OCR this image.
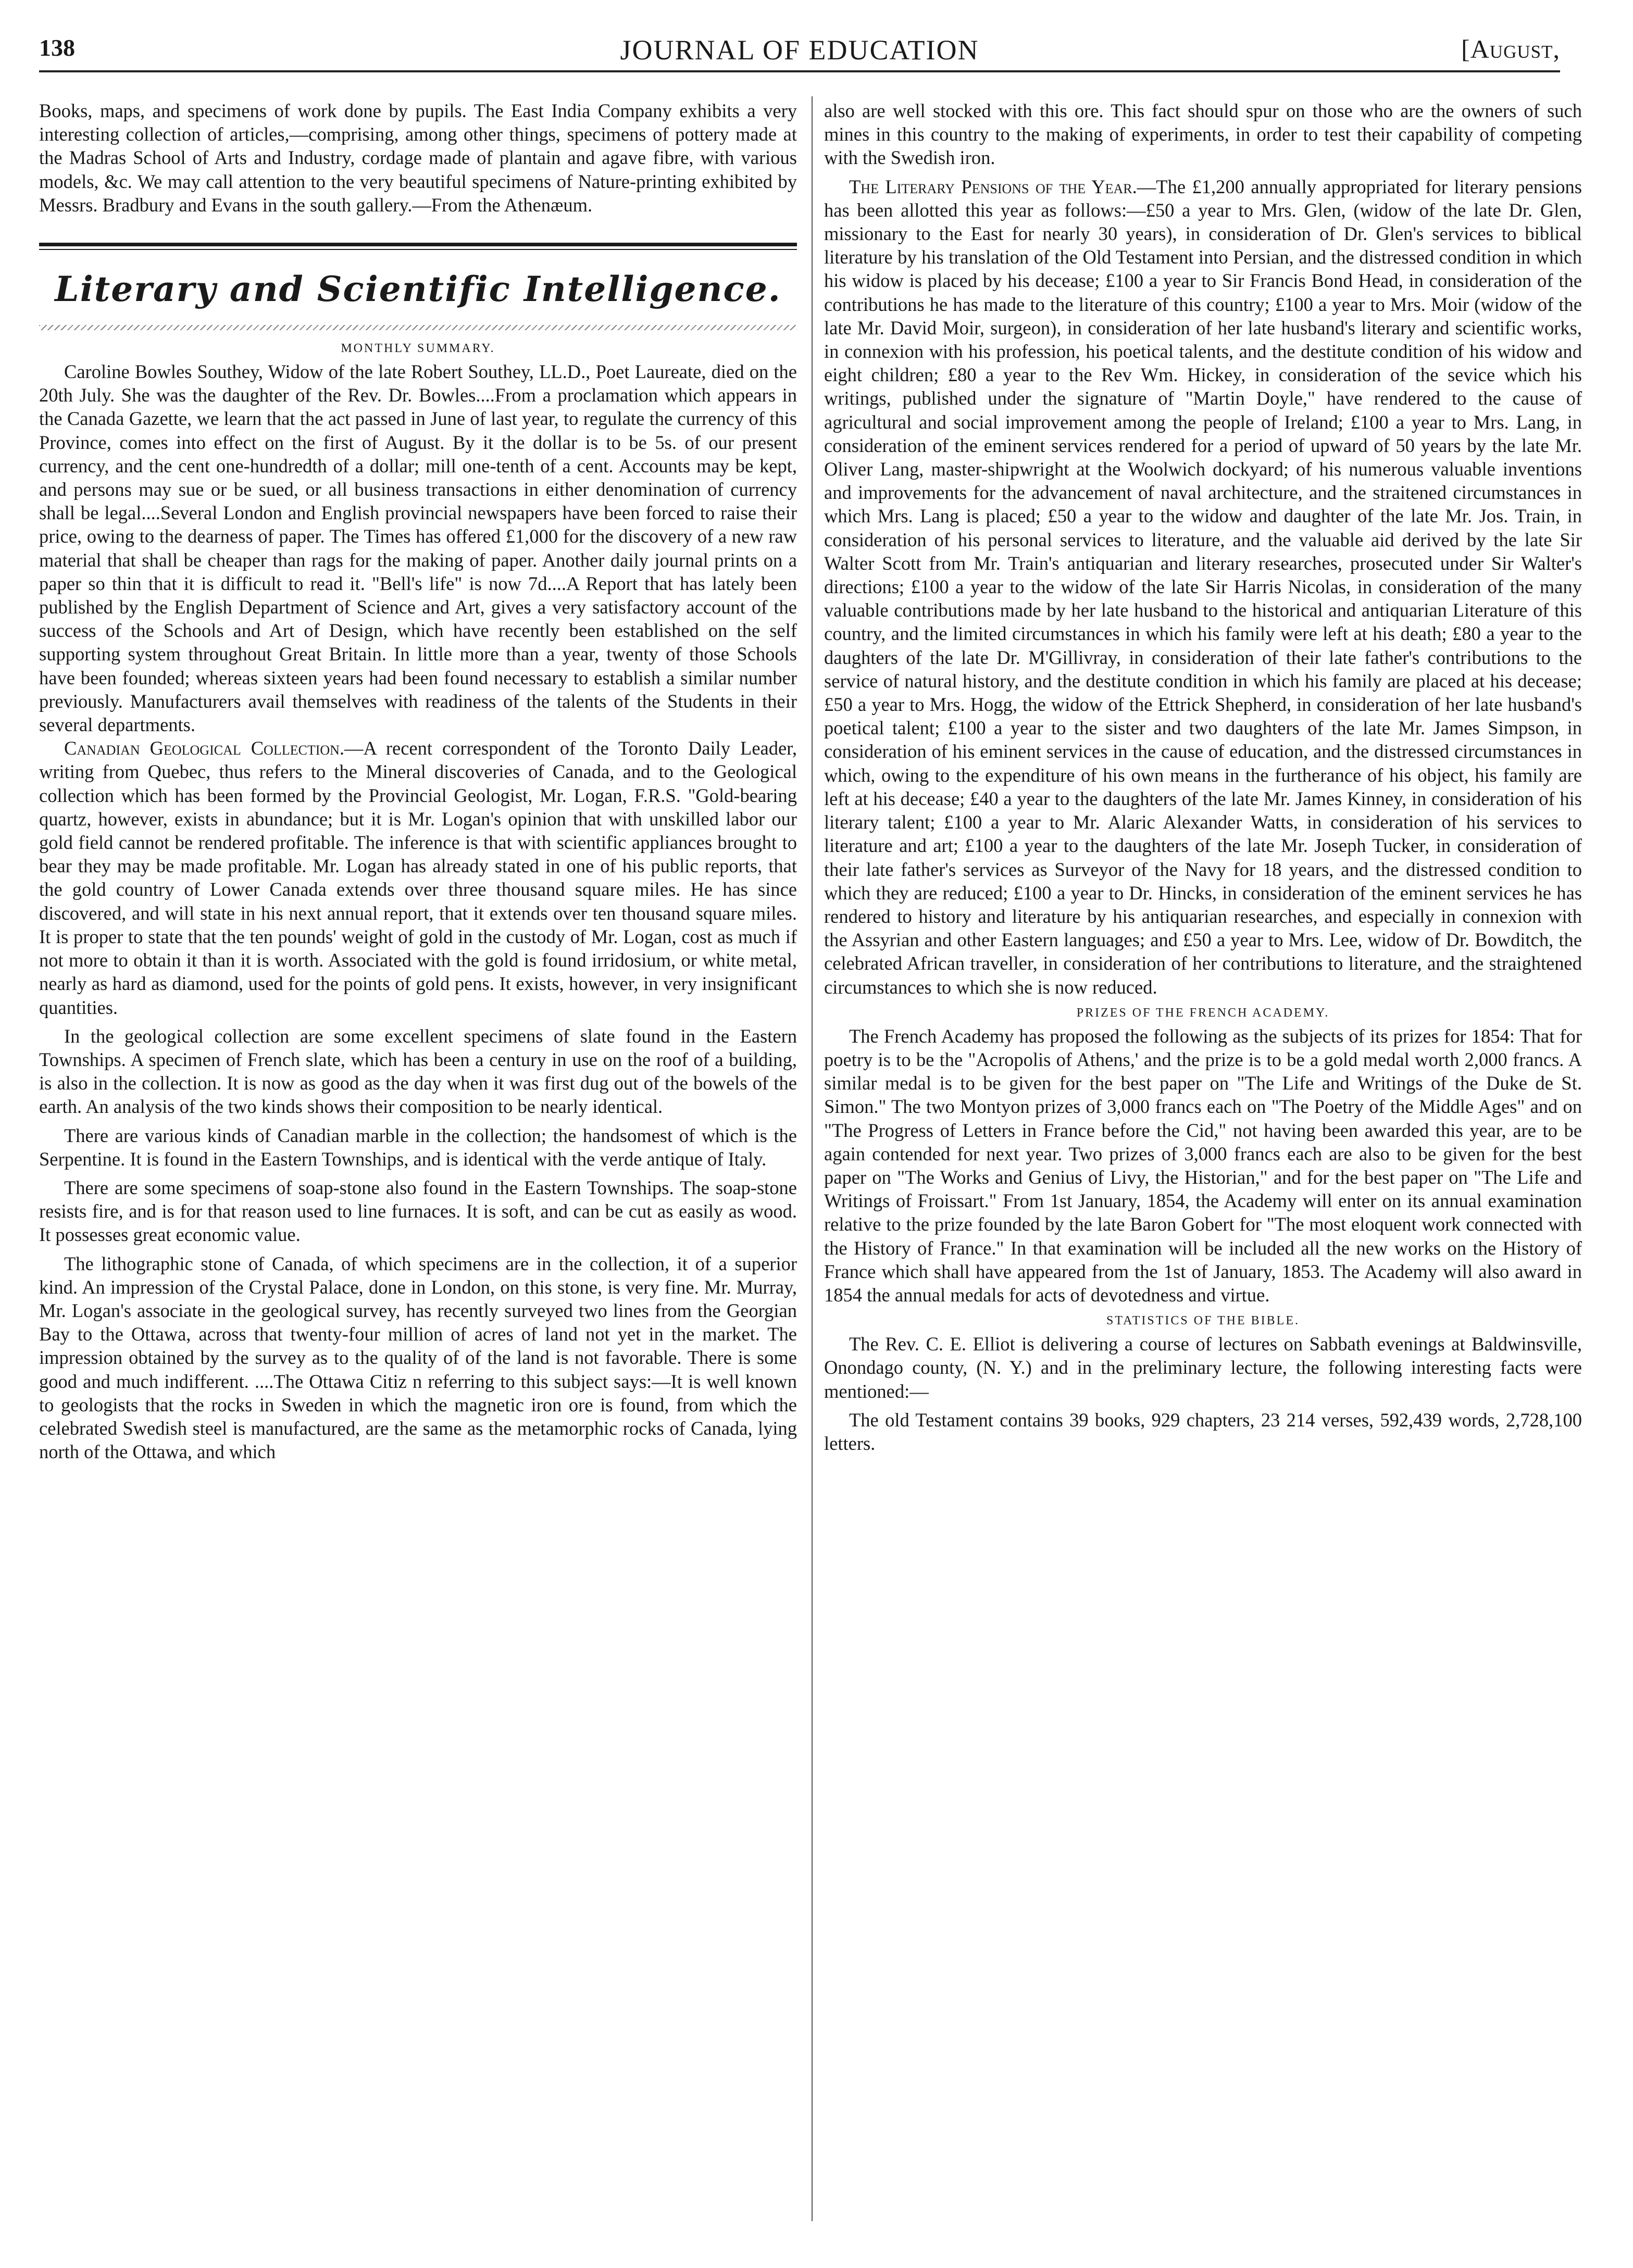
138	JOURNAL OF EDUCATION	[August,

Books, maps, and specimens of work done by pupils. The East India Company exhibits a very interesting collection of articles,—comprising, among other things, specimens of pottery made at the Madras School of Arts and Industry, cordage made of plantain and agave fibre, with various models, &c. We may call attention to the very beautiful specimens of Nature-printing exhibited by Messrs. Bradbury and Evans in the south gallery.—From the Athenæum.

Literary and Scientific Intelligence.
MONTHLY SUMMARY.

Caroline Bowles Southey, Widow of the late Robert Southey, LL.D., Poet Laureate, died on the 20th July. She was the daughter of the Rev. Dr. Bowles....From a proclamation which appears in the Canada Gazette, we learn that the act passed in June of last year, to regulate the currency of this Province, comes into effect on the first of August. By it the dollar is to be 5s. of our present currency, and the cent one-hundredth of a dollar; mill one-tenth of a cent. Accounts may be kept, and persons may sue or be sued, or all business transactions in either denomination of currency shall be legal....Several London and English provincial newspapers have been forced to raise their price, owing to the dearness of paper. The Times has offered £1,000 for the discovery of a new raw material that shall be cheaper than rags for the making of paper. Another daily journal prints on a paper so thin that it is difficult to read it. "Bell's life" is now 7d....A Report that has lately been published by the English Department of Science and Art, gives a very satisfactory account of the success of the Schools and Art of Design, which have recently been established on the self supporting system throughout Great Britain. In little more than a year, twenty of those Schools have been founded; whereas sixteen years had been found necessary to establish a similar number previously. Manufacturers avail themselves with readiness of the talents of the Students in their several departments.

Canadian Geological Collection.—A recent correspondent of the Toronto Daily Leader, writing from Quebec, thus refers to the Mineral discoveries of Canada, and to the Geological collection which has been formed by the Provincial Geologist, Mr. Logan, F.R.S. "Gold-bearing quartz, however, exists in abundance; but it is Mr. Logan's opinion that with unskilled labor our gold field cannot be rendered profitable. The inference is that with scientific appliances brought to bear they may be made profitable. Mr. Logan has already stated in one of his public reports, that the gold country of Lower Canada extends over three thousand square miles. He has since discovered, and will state in his next annual report, that it extends over ten thousand square miles. It is proper to state that the ten pounds' weight of gold in the custody of Mr. Logan, cost as much if not more to obtain it than it is worth. Associated with the gold is found irridosium, or white metal, nearly as hard as diamond, used for the points of gold pens. It exists, however, in very insignificant quantities.

In the geological collection are some excellent specimens of slate found in the Eastern Townships. A specimen of French slate, which has been a century in use on the roof of a building, is also in the collection. It is now as good as the day when it was first dug out of the bowels of the earth. An analysis of the two kinds shows their composition to be nearly identical.

There are various kinds of Canadian marble in the collection; the handsomest of which is the Serpentine. It is found in the Eastern Townships, and is identical with the verde antique of Italy.

There are some specimens of soap-stone also found in the Eastern Townships. The soap-stone resists fire, and is for that reason used to line furnaces. It is soft, and can be cut as easily as wood. It possesses great economic value.

The lithographic stone of Canada, of which specimens are in the collection, it of a superior kind. An impression of the Crystal Palace, done in London, on this stone, is very fine. Mr. Murray, Mr. Logan's associate in the geological survey, has recently surveyed two lines from the Georgian Bay to the Ottawa, across that twenty-four million of acres of land not yet in the market. The impression obtained by the survey as to the quality of of the land is not favorable. There is some good and much indifferent. ....The Ottawa Citiz n referring to this subject says:—It is well known to geologists that the rocks in Sweden in which the magnetic iron ore is found, from which the celebrated Swedish steel is manufactured, are the same as the metamorphic rocks of Canada, lying north of the Ottawa, and which

also are well stocked with this ore. This fact should spur on those who are the owners of such mines in this country to the making of experiments, in order to test their capability of competing with the Swedish iron.

The Literary Pensions of the Year.—The £1,200 annually appropriated for literary pensions has been allotted this year as follows:—£50 a year to Mrs. Glen, (widow of the late Dr. Glen, missionary to the East for nearly 30 years), in consideration of Dr. Glen's services to biblical literature by his translation of the Old Testament into Persian, and the distressed condition in which his widow is placed by his decease; £100 a year to Sir Francis Bond Head, in consideration of the contributions he has made to the literature of this country; £100 a year to Mrs. Moir (widow of the late Mr. David Moir, surgeon), in consideration of her late husband's literary and scientific works, in connexion with his profession, his poetical talents, and the destitute condition of his widow and eight children; £80 a year to the Rev Wm. Hickey, in consideration of the sevice which his writings, published under the signature of "Martin Doyle," have rendered to the cause of agricultural and social improvement among the people of Ireland; £100 a year to Mrs. Lang, in consideration of the eminent services rendered for a period of upward of 50 years by the late Mr. Oliver Lang, master-shipwright at the Woolwich dockyard; of his numerous valuable inventions and improvements for the advancement of naval architecture, and the straitened circumstances in which Mrs. Lang is placed; £50 a year to the widow and daughter of the late Mr. Jos. Train, in consideration of his personal services to literature, and the valuable aid derived by the late Sir Walter Scott from Mr. Train's antiquarian and literary researches, prosecuted under Sir Walter's directions; £100 a year to the widow of the late Sir Harris Nicolas, in consideration of the many valuable contributions made by her late husband to the historical and antiquarian Literature of this country, and the limited circumstances in which his family were left at his death; £80 a year to the daughters of the late Dr. M'Gillivray, in consideration of their late father's contributions to the service of natural history, and the destitute condition in which his family are placed at his decease; £50 a year to Mrs. Hogg, the widow of the Ettrick Shepherd, in consideration of her late husband's poetical talent; £100 a year to the sister and two daughters of the late Mr. James Simpson, in consideration of his eminent services in the cause of education, and the distressed circumstances in which, owing to the expenditure of his own means in the furtherance of his object, his family are left at his decease; £40 a year to the daughters of the late Mr. James Kinney, in consideration of his literary talent; £100 a year to Mr. Alaric Alexander Watts, in consideration of his services to literature and art; £100 a year to the daughters of the late Mr. Joseph Tucker, in consideration of their late father's services as Surveyor of the Navy for 18 years, and the distressed condition to which they are reduced; £100 a year to Dr. Hincks, in consideration of the eminent services he has rendered to history and literature by his antiquarian researches, and especially in connexion with the Assyrian and other Eastern languages; and £50 a year to Mrs. Lee, widow of Dr. Bowditch, the celebrated African traveller, in consideration of her contributions to literature, and the straightened circumstances to which she is now reduced.

PRIZES OF THE FRENCH ACADEMY.

The French Academy has proposed the following as the subjects of its prizes for 1854: That for poetry is to be the "Acropolis of Athens,' and the prize is to be a gold medal worth 2,000 francs. A similar medal is to be given for the best paper on "The Life and Writings of the Duke de St. Simon." The two Montyon prizes of 3,000 francs each on "The Poetry of the Middle Ages" and on "The Progress of Letters in France before the Cid," not having been awarded this year, are to be again contended for next year. Two prizes of 3,000 francs each are also to be given for the best paper on "The Works and Genius of Livy, the Historian," and for the best paper on "The Life and Writings of Froissart." From 1st January, 1854, the Academy will enter on its annual examination relative to the prize founded by the late Baron Gobert for "The most eloquent work connected with the History of France." In that examination will be included all the new works on the History of France which shall have appeared from the 1st of January, 1853. The Academy will also award in 1854 the annual medals for acts of devotedness and virtue.

STATISTICS OF THE BIBLE.

The Rev. C. E. Elliot is delivering a course of lectures on Sabbath evenings at Baldwinsville, Onondago county, (N. Y.) and in the preliminary lecture, the following interesting facts were mentioned:—

The old Testament contains 39 books, 929 chapters, 23 214 verses, 592,439 words, 2,728,100 letters.
